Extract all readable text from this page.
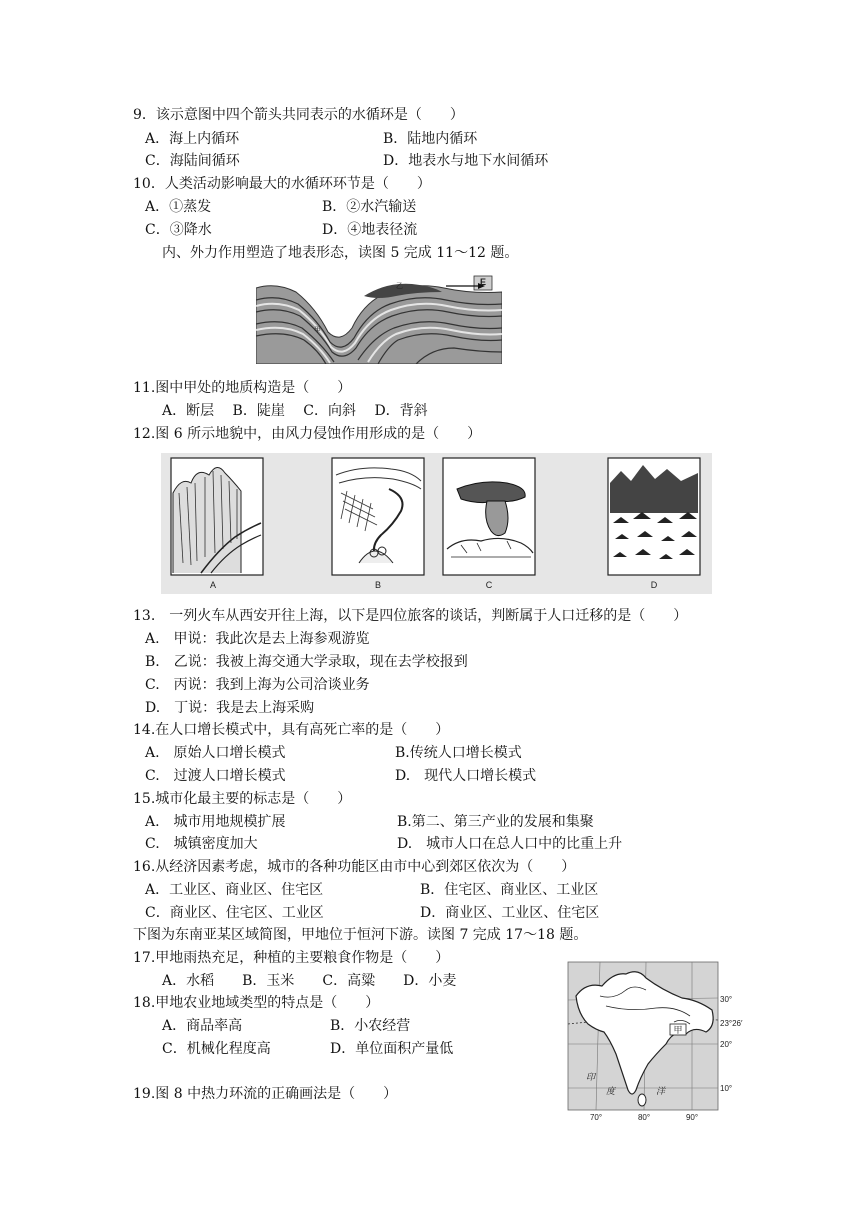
9．该示意图中四个箭头共同表示的水循环是（　　）
A．海上内循环	B．陆地内循环
C．海陆间循环	D．地表水与地下水间循环
10．人类活动影响最大的水循环环节是（　　）
A．①蒸发	B．②水汽输送
C．③降水	D．④地表径流
内、外力作用塑造了地表形态，读图 5 完成 11～12 题。
E
乙
甲
11.图中甲处的地质构造是（　　）
A．断层　 B．陡崖　 C．向斜　 D．背斜
12.图 6 所示地貌中，由风力侵蚀作用形成的是（　　）
A	B	C	D
13.　一列火车从西安开往上海，以下是四位旅客的谈话，判断属于人口迁移的是（　　）
A.　甲说：我此次是去上海参观游览
B.　乙说：我被上海交通大学录取，现在去学校报到
C.　丙说：我到上海为公司洽谈业务
D.　丁说：我是去上海采购
14.在人口增长模式中，具有高死亡率的是（　　）
A.　原始人口增长模式	B.传统人口增长模式
C.　过渡人口增长模式	D.　现代人口增长模式
15.城市化最主要的标志是（　　）
A.　城市用地规模扩展	B.第二、第三产业的发展和集聚
C.　城镇密度加大	D.　城市人口在总人口中的比重上升
16.从经济因素考虑，城市的各种功能区由市中心到郊区依次为（　　）
A．工业区、商业区、住宅区	B．住宅区、商业区、工业区
C．商业区、住宅区、工业区	D．商业区、工业区、住宅区
下图为东南亚某区域简图，甲地位于恒河下游。读图 7 完成 17～18 题。
17.甲地雨热充足，种植的主要粮食作物是（　　）
A．水稻　　B．玉米　　C．高粱　　D．小麦
18.甲地农业地域类型的特点是（　　）
A．商品率高	B．小农经营
C．机械化程度高	D．单位面积产量低
19.图 8 中热力环流的正确画法是（　　）
甲
印
度	洋
30°
23°26′
20°
10°
70°	80°	90°
